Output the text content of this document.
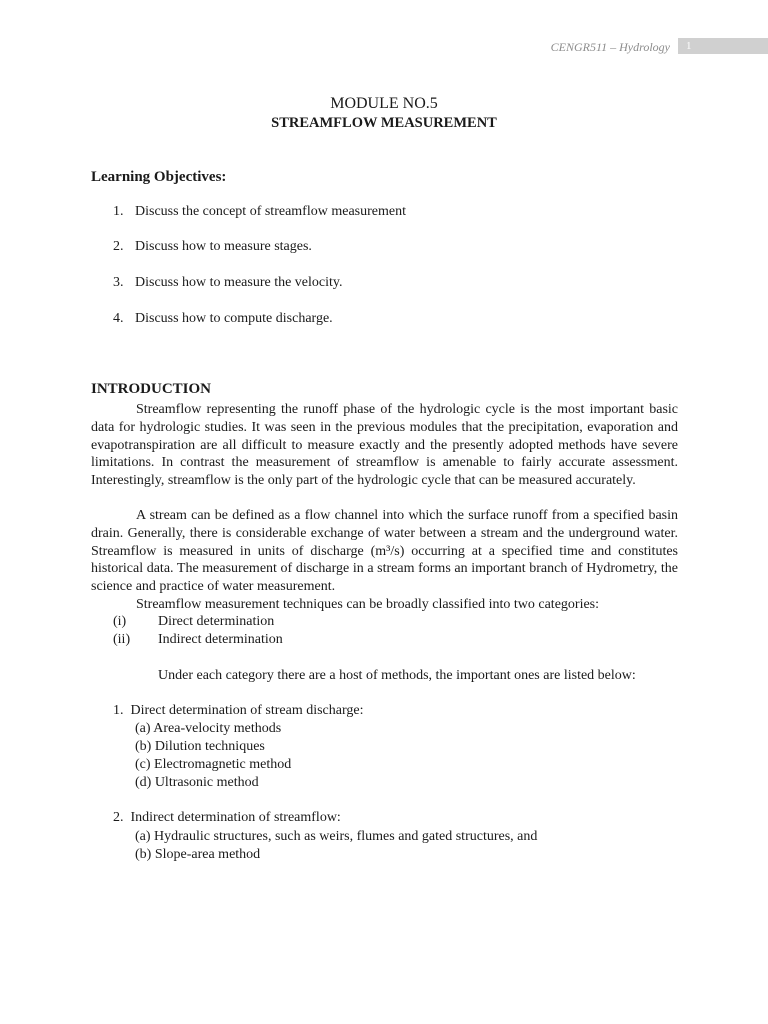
CENGR511 – Hydrology	1
MODULE NO.5
STREAMFLOW MEASUREMENT
Learning Objectives:
1. Discuss the concept of streamflow measurement
2. Discuss how to measure stages.
3. Discuss how to measure the velocity.
4. Discuss how to compute discharge.
INTRODUCTION

Streamflow representing the runoff phase of the hydrologic cycle is the most important basic data for hydrologic studies. It was seen in the previous modules that the precipitation, evaporation and evapotranspiration are all difficult to measure exactly and the presently adopted methods have severe limitations. In contrast the measurement of streamflow is amenable to fairly accurate assessment. Interestingly, streamflow is the only part of the hydrologic cycle that can be measured accurately.

A stream can be defined as a flow channel into which the surface runoff from a specified basin drain. Generally, there is considerable exchange of water between a stream and the underground water. Streamflow is measured in units of discharge (m³/s) occurring at a specified time and constitutes historical data. The measurement of discharge in a stream forms an important branch of Hydrometry, the science and practice of water measurement.

Streamflow measurement techniques can be broadly classified into two categories:

(i) Direct determination
(ii) Indirect determination
Under each category there are a host of methods, the important ones are listed below:
1.  Direct determination of stream discharge:
(a) Area-velocity methods
(b) Dilution techniques
(c) Electromagnetic method
(d) Ultrasonic method
2.  Indirect determination of streamflow:
(a) Hydraulic structures, such as weirs, flumes and gated structures, and
(b) Slope-area method
